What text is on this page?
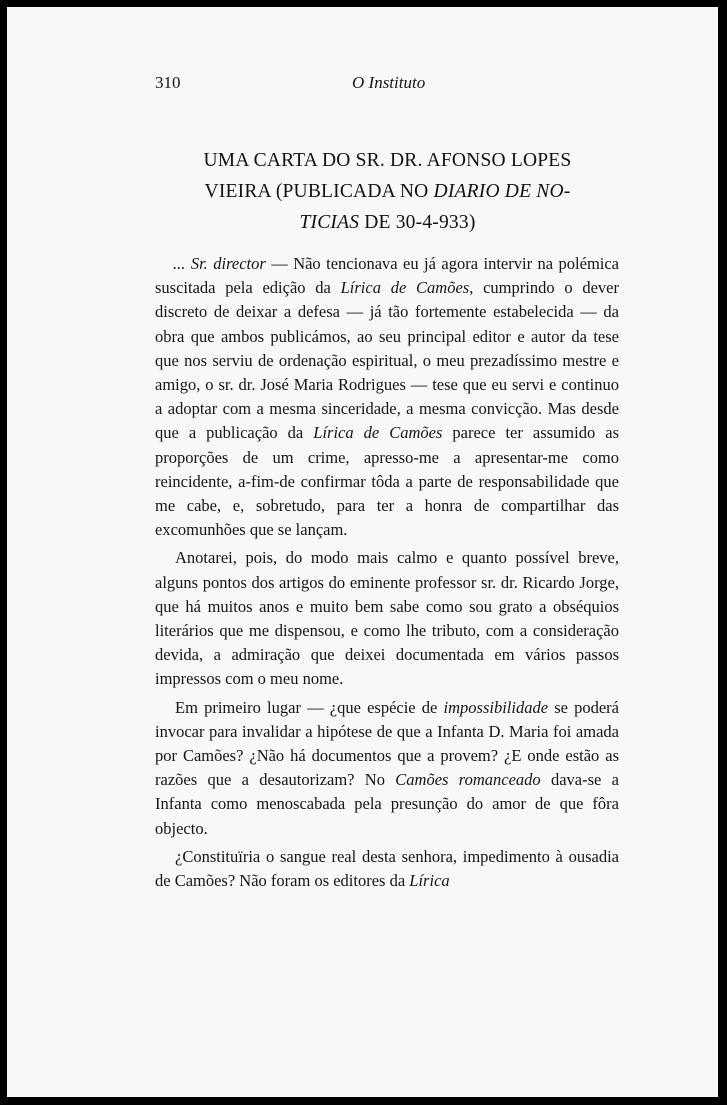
310	O Instituto
UMA CARTA DO SR. DR. AFONSO LOPES
VIEIRA (PUBLICADA NO DIARIO DE NO-
TICIAS DE 30-4-933)

... Sr. director — Não tencionava eu já agora intervir na polémica suscitada pela edição da Lírica de Camões, cumprindo o dever discreto de deixar a defesa — já tão fortemente estabelecida — da obra que ambos publicámos, ao seu principal editor e autor da tese que nos serviu de ordenação espiritual, o meu prezadíssimo mestre e amigo, o sr. dr. José Maria Rodrigues — tese que eu servi e continuo a adoptar com a mesma sinceridade, a mesma convicção. Mas desde que a publicação da Lírica de Camões parece ter assumido as proporções de um crime, apresso-me a apresentar-me como reincidente, a-fim-de confirmar tôda a parte de responsabilidade que me cabe, e, sobretudo, para ter a honra de compartilhar das excomunhões que se lançam.

Anotarei, pois, do modo mais calmo e quanto possível breve, alguns pontos dos artigos do eminente professor sr. dr. Ricardo Jorge, que há muitos anos e muito bem sabe como sou grato a obséquios literários que me dispensou, e como lhe tributo, com a consideração devida, a admiração que deixei documentada em vários passos impressos com o meu nome.

Em primeiro lugar — ¿que espécie de impossibilidade se poderá invocar para invalidar a hipótese de que a Infanta D. Maria foi amada por Camões? ¿Não há documentos que a provem? ¿E onde estão as razões que a desautorizam? No Camões romanceado dava-se a Infanta como menoscabada pela presunção do amor de que fôra objecto.

¿Constituïria o sangue real desta senhora, impedimento à ousadia de Camões? Não foram os editores da Lírica
